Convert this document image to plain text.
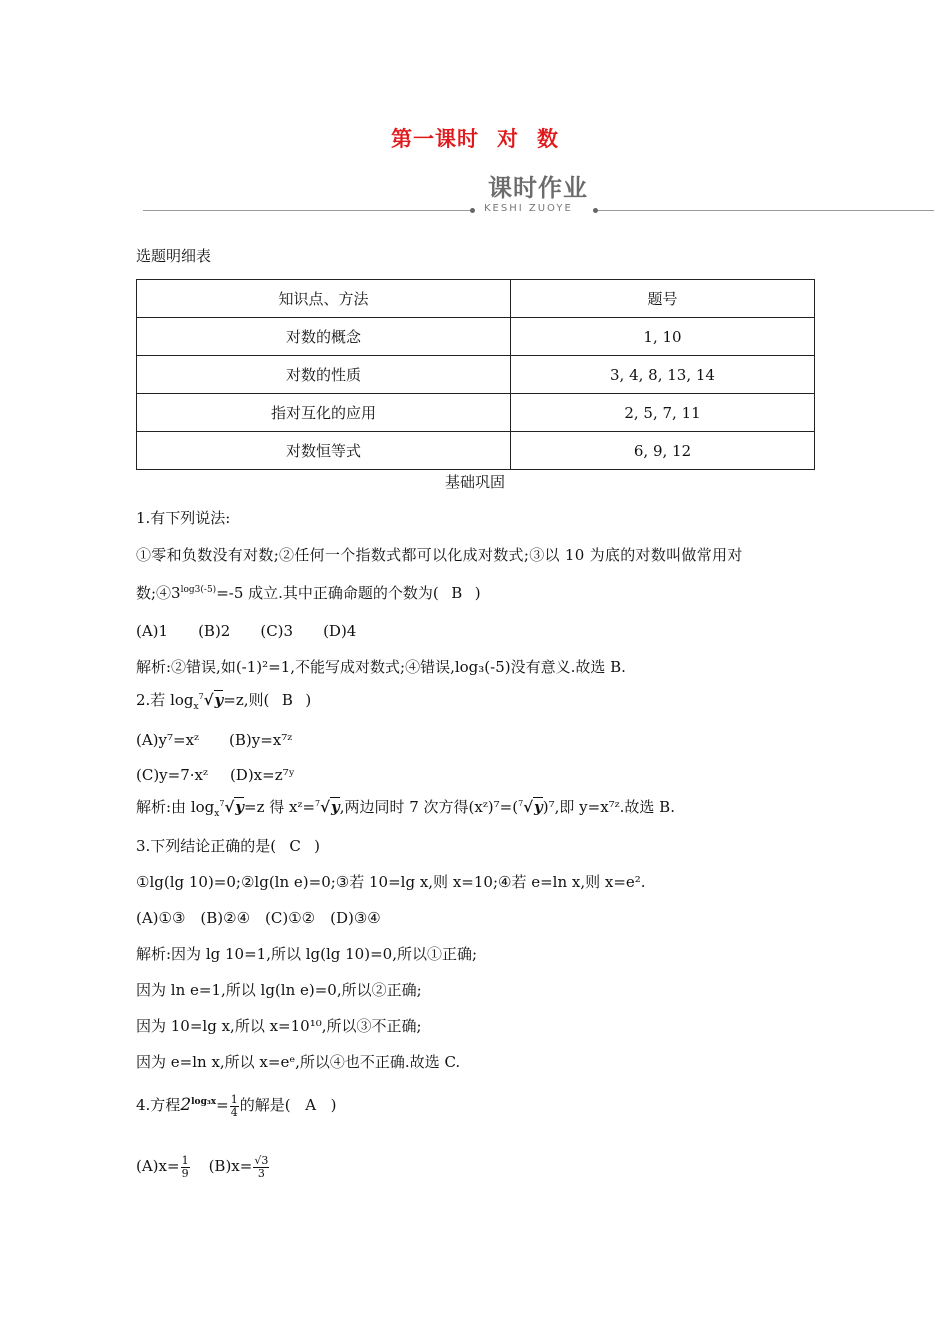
第一课时 对 数
课时作业
KESHI ZUOYE
选题明细表
知识点、方法	题号
对数的概念	1, 10
对数的性质	3, 4, 8, 13, 14
指对互化的应用	2, 5, 7, 11
对数恒等式	6, 9, 12
基础巩固
1.有下列说法:
①零和负数没有对数;②任何一个指数式都可以化成对数式;③以 10 为底的对数叫做常用对
数$;④3^{log3(-5)}=-5$ 成立.其中正确命题的个数为( B )
(A)1　　(B)2　　(C)3　　(D)4
解析:②错误,如(-1)²=1,不能写成对数式;④错误,log₃(-5)没有意义.故选 B.
2.若 $\log_x^7√y=z$,则( B )
(A)y⁷=xᶻ (B)y=x⁷ᶻ
(C)y=7·xᶻ (D)x=z⁷ʸ
解析:由 $\log_x^7√y=z$ 得 xᶻ=$^7$√y,两边同时 7 次方得(xᶻ)⁷=($^7$√y)⁷,即 y=x⁷ᶻ.故选 B.
3.下列结论正确的是( C )
①lg(lg 10)=0;②lg(ln e)=0;③若 10=lg x,则 x=10;④若 e=ln x,则 x=e².
(A)①③　(B)②④　(C)①②　(D)③④
解析:因为 lg 10=1,所以 lg(lg 10)=0,所以①正确;
因为 ln e=1,所以 lg(ln e)=0,所以②正确;
因为 10=lg x,所以 x=10¹⁰,所以③不正确;
因为 e=ln x,所以 x=eᵉ,所以④也不正确.故选 C.
4.方程$2^{log_3x}= \frac{1}{4}$ 的解是( A )
$(A)x= \frac{1}{9} (B)x= \frac{√3}{3}$
